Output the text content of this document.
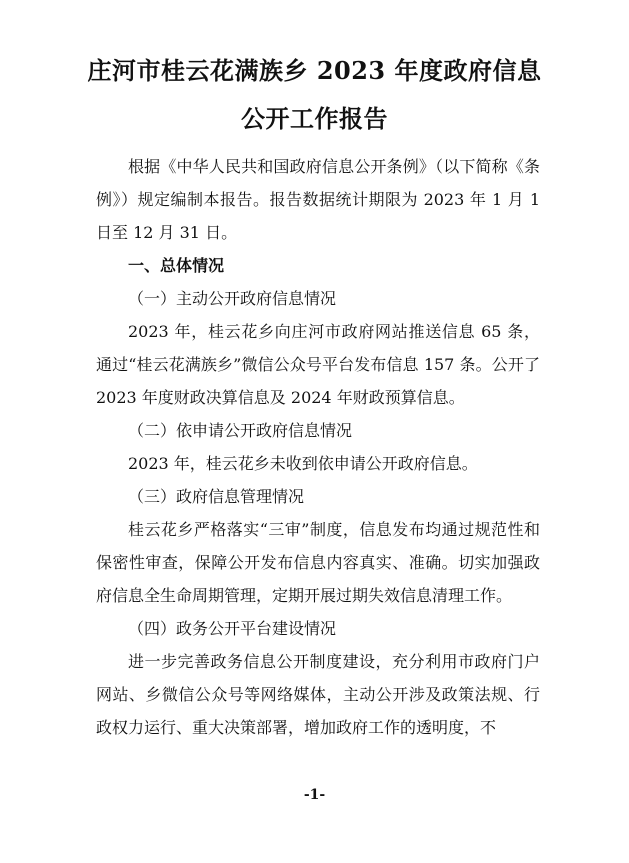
庄河市桂云花满族乡 2023 年度政府信息
公开工作报告

根据《中华人民共和国政府信息公开条例》（以下简称《条例》）规定编制本报告。报告数据统计期限为 2023 年 1 月 1 日至 12 月 31 日。

一、总体情况

（一）主动公开政府信息情况

2023 年，桂云花乡向庄河市政府网站推送信息 65 条，通过“桂云花满族乡”微信公众号平台发布信息 157 条。公开了 2023 年度财政决算信息及 2024 年财政预算信息。

（二）依申请公开政府信息情况

2023 年，桂云花乡未收到依申请公开政府信息。

（三）政府信息管理情况

桂云花乡严格落实“三审”制度，信息发布均通过规范性和保密性审查，保障公开发布信息内容真实、准确。切实加强政府信息全生命周期管理，定期开展过期失效信息清理工作。

（四）政务公开平台建设情况

进一步完善政务信息公开制度建设，充分利用市政府门户网站、乡微信公众号等网络媒体，主动公开涉及政策法规、行政权力运行、重大决策部署，增加政府工作的透明度，不

-1-
